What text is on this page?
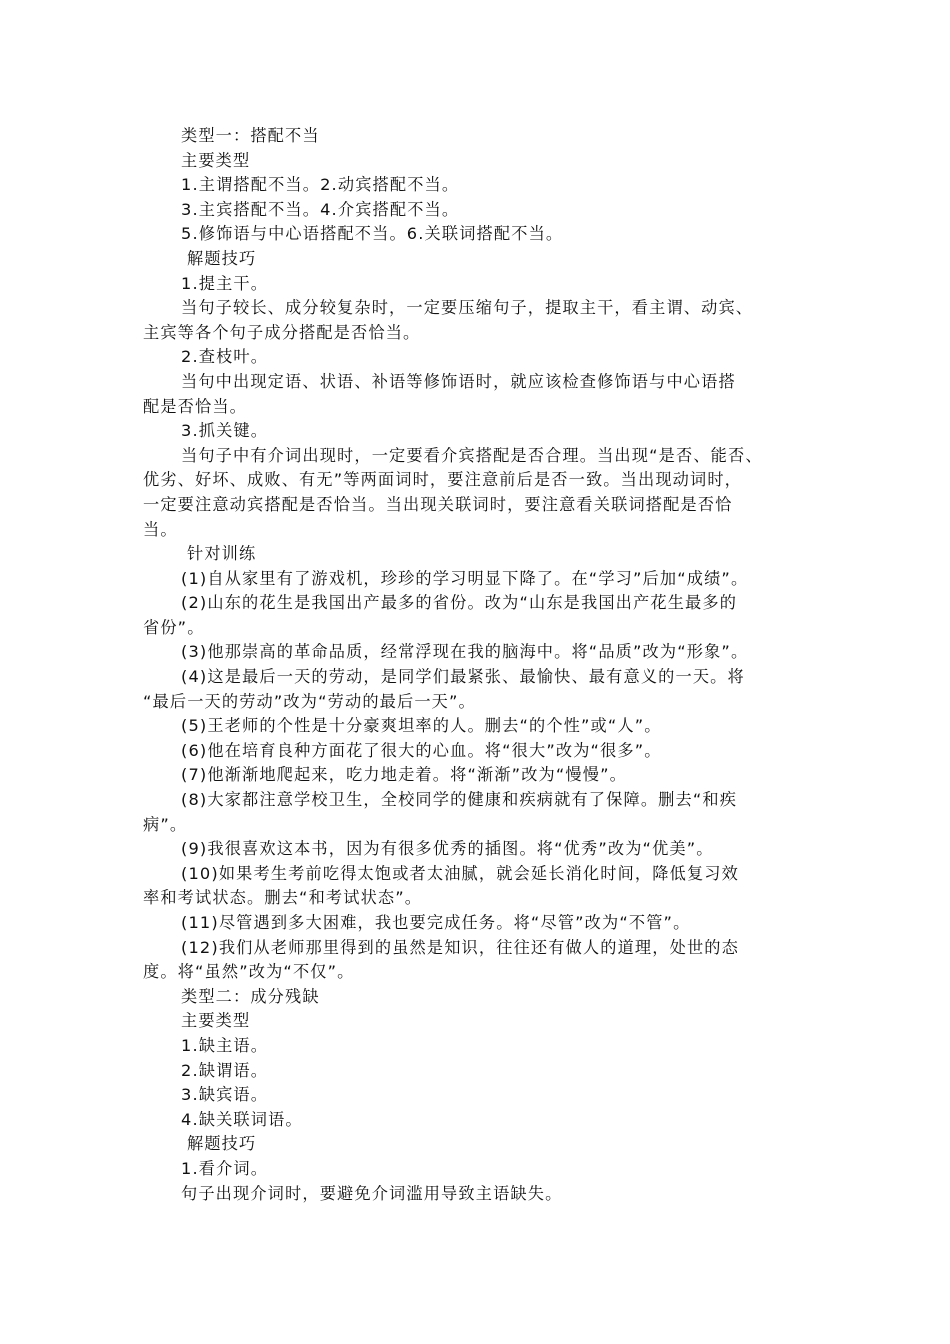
类型一：搭配不当

主要类型

1.主谓搭配不当。2.动宾搭配不当。

3.主宾搭配不当。4.介宾搭配不当。

5.修饰语与中心语搭配不当。6.关联词搭配不当。

解题技巧

1.提主干。

当句子较长、成分较复杂时，一定要压缩句子，提取主干，看主谓、动宾、

主宾等各个句子成分搭配是否恰当。

2.查枝叶。

当句中出现定语、状语、补语等修饰语时，就应该检查修饰语与中心语搭

配是否恰当。

3.抓关键。

当句子中有介词出现时，一定要看介宾搭配是否合理。当出现“是否、能否、

优劣、好坏、成败、有无”等两面词时，要注意前后是否一致。当出现动词时，

一定要注意动宾搭配是否恰当。当出现关联词时，要注意看关联词搭配是否恰

当。

针对训练

(1)自从家里有了游戏机，珍珍的学习明显下降了。在“学习”后加“成绩”。

(2)山东的花生是我国出产最多的省份。改为“山东是我国出产花生最多的

省份”。

(3)他那崇高的革命品质，经常浮现在我的脑海中。将“品质”改为“形象”。

(4)这是最后一天的劳动，是同学们最紧张、最愉快、最有意义的一天。将

“最后一天的劳动”改为“劳动的最后一天”。

(5)王老师的个性是十分豪爽坦率的人。删去“的个性”或“人”。

(6)他在培育良种方面花了很大的心血。将“很大”改为“很多”。

(7)他渐渐地爬起来，吃力地走着。将“渐渐”改为“慢慢”。

(8)大家都注意学校卫生，全校同学的健康和疾病就有了保障。删去“和疾

病”。

(9)我很喜欢这本书，因为有很多优秀的插图。将“优秀”改为“优美”。

(10)如果考生考前吃得太饱或者太油腻，就会延长消化时间，降低复习效

率和考试状态。删去“和考试状态”。

(11)尽管遇到多大困难，我也要完成任务。将“尽管”改为“不管”。

(12)我们从老师那里得到的虽然是知识，往往还有做人的道理，处世的态

度。将“虽然”改为“不仅”。

类型二：成分残缺

主要类型

1.缺主语。

2.缺谓语。

3.缺宾语。

4.缺关联词语。

解题技巧

1.看介词。

句子出现介词时，要避免介词滥用导致主语缺失。
